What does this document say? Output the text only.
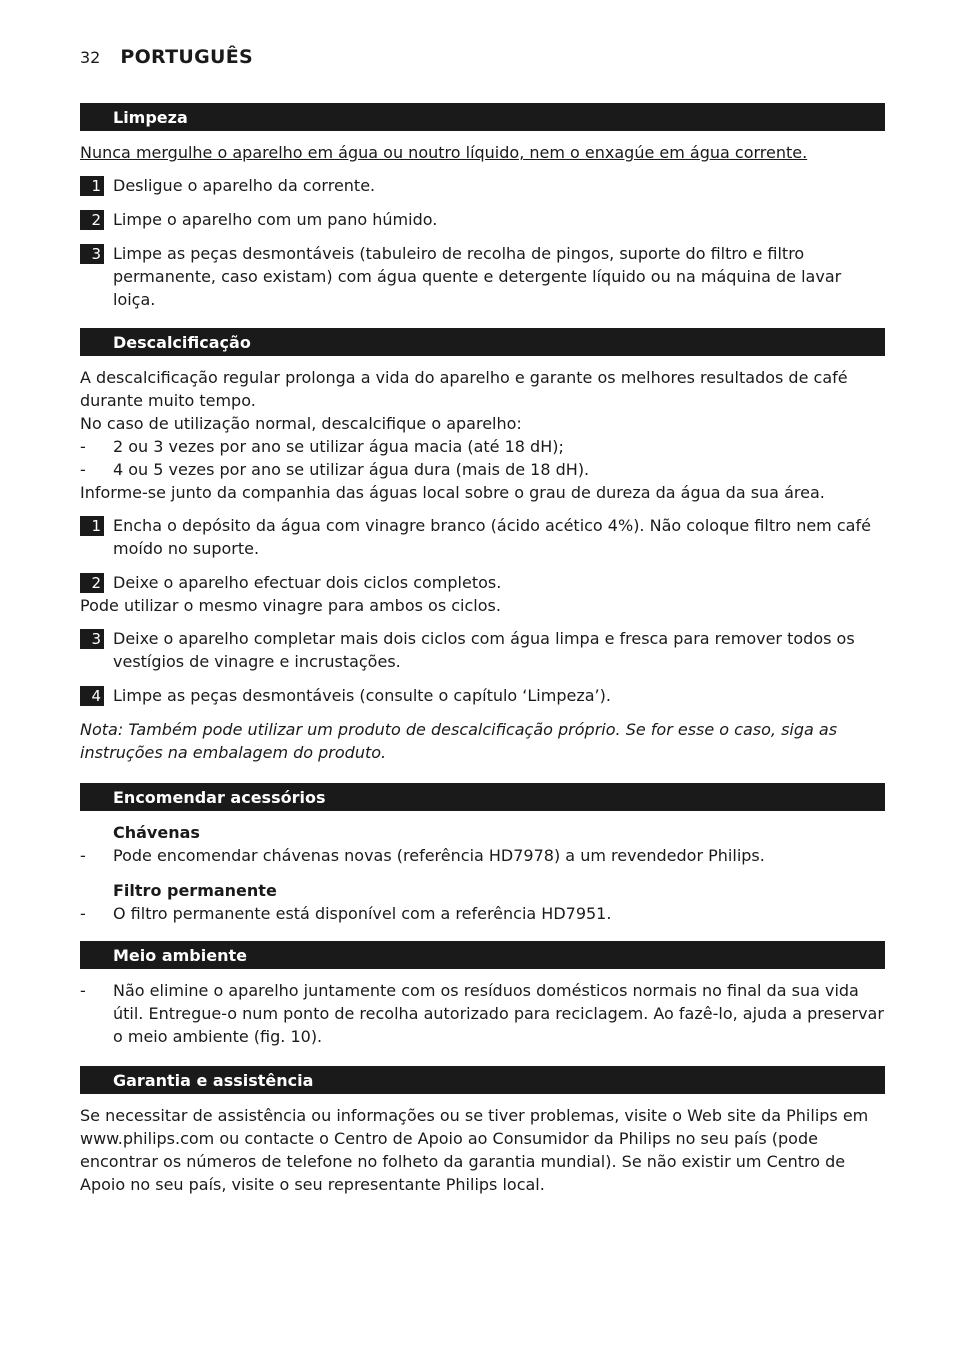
32 PORTUGUÊS
Limpeza
Nunca mergulhe o aparelho em água ou noutro líquido, nem o enxagúe em água corrente.
1 Desligue o aparelho da corrente.
2 Limpe o aparelho com um pano húmido.
3 Limpe as peças desmontáveis (tabuleiro de recolha de pingos, suporte do filtro e filtro permanente, caso existam) com água quente e detergente líquido ou na máquina de lavar loiça.
Descalcificação

A descalcificação regular prolonga a vida do aparelho e garante os melhores resultados de café durante muito tempo.

No caso de utilização normal, descalcifique o aparelho:

-	2 ou 3 vezes por ano se utilizar água macia (até 18 dH);
-	4 ou 5 vezes por ano se utilizar água dura (mais de 18 dH).

Informe-se junto da companhia das águas local sobre o grau de dureza da água da sua área.

1 Encha o depósito da água com vinagre branco (ácido acético 4%). Não coloque filtro nem café moído no suporte.
2 Deixe o aparelho efectuar dois ciclos completos.

Pode utilizar o mesmo vinagre para ambos os ciclos.

3 Deixe o aparelho completar mais dois ciclos com água limpa e fresca para remover todos os vestígios de vinagre e incrustações.
4 Limpe as peças desmontáveis (consulte o capítulo ‘Limpeza’).
Nota: Também pode utilizar um produto de descalcificação próprio. Se for esse o caso, siga as instruções na embalagem do produto.
Encomendar acessórios
Chávenas
-	Pode encomendar chávenas novas (referência HD7978) a um revendedor Philips.
Filtro permanente
-	O filtro permanente está disponível com a referência HD7951.
Meio ambiente
-	Não elimine o aparelho juntamente com os resíduos domésticos normais no final da sua vida útil. Entregue-o num ponto de recolha autorizado para reciclagem. Ao fazê-lo, ajuda a preservar o meio ambiente (fig. 10).
Garantia e assistência

Se necessitar de assistência ou informações ou se tiver problemas, visite o Web site da Philips em www.philips.com ou contacte o Centro de Apoio ao Consumidor da Philips no seu país (pode encontrar os números de telefone no folheto da garantia mundial). Se não existir um Centro de Apoio no seu país, visite o seu representante Philips local.
